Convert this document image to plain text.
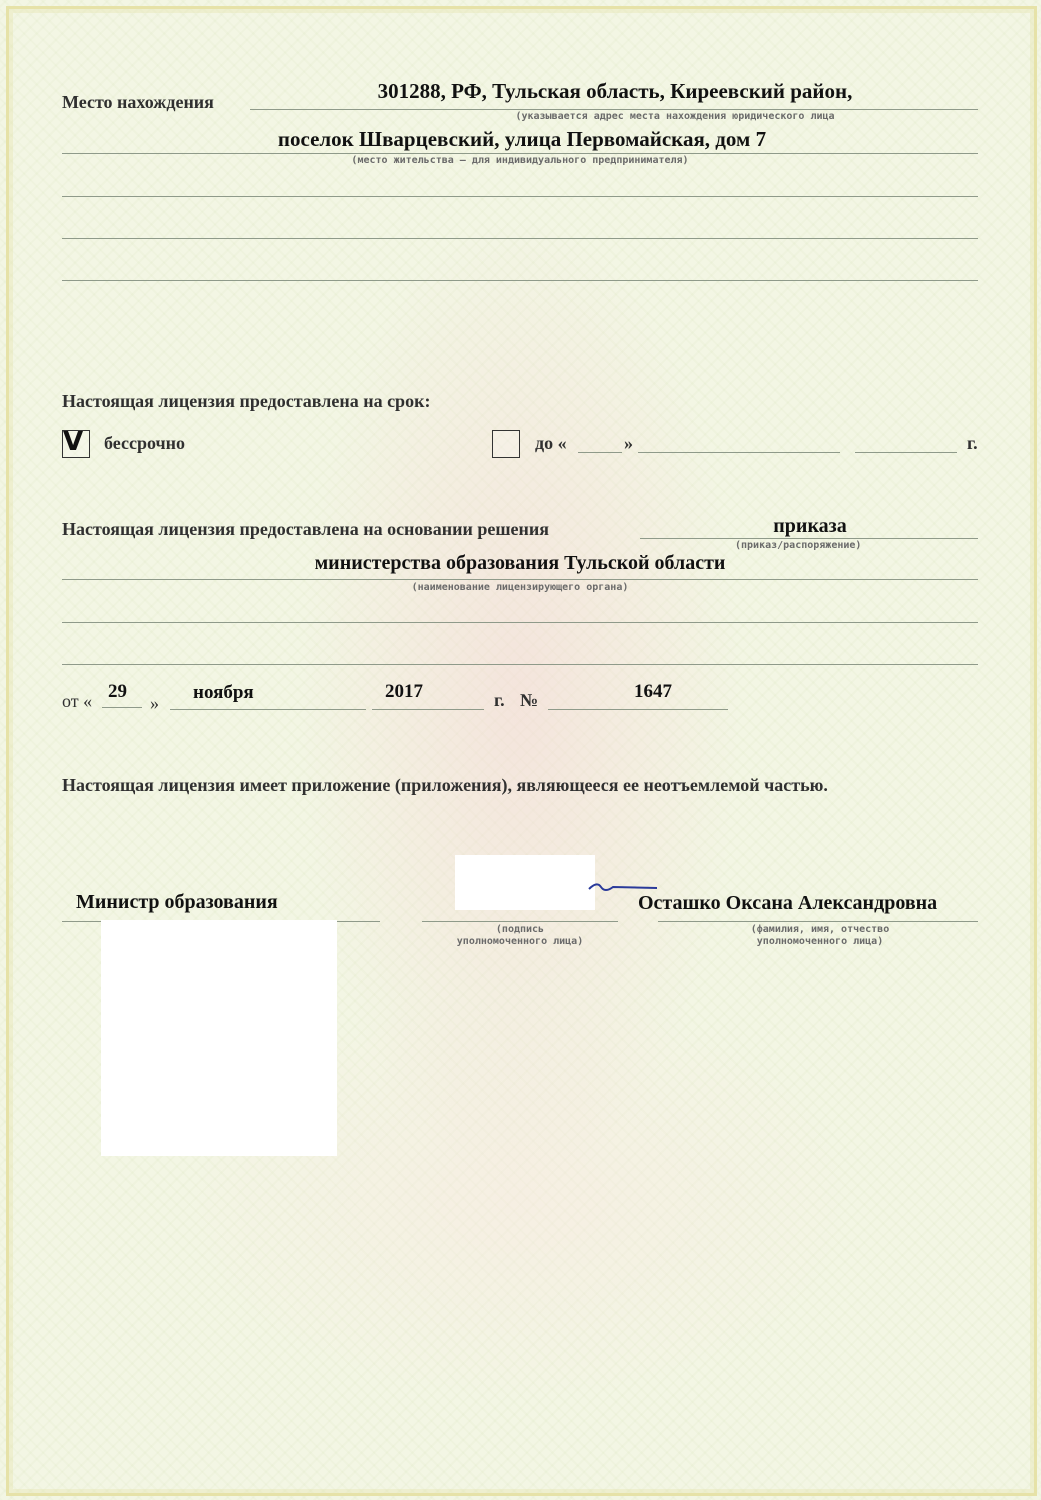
Место нахождения	301288, РФ, Тульская область, Киреевский район,
(указывается адрес места нахождения юридического лица
поселок Шварцевский, улица Первомайская, дом 7
(место жительства – для индивидуального предпринимателя)
Настоящая лицензия предоставлена на срок:
V бессрочно	до «	»	г.
Настоящая лицензия предоставлена на основании решения	приказа
(приказ/распоряжение)
министерства образования Тульской области
(наименование лицензирующего органа)
от « 29
» ноября	2017	г. №	1647
Настоящая лицензия имеет приложение (приложения), являющееся ее неотъемлемой частью.
Министр образования
(подпись
уполномоченного лица)
Осташко Оксана Александровна
(фамилия, имя, отчество
уполномоченного лица)
